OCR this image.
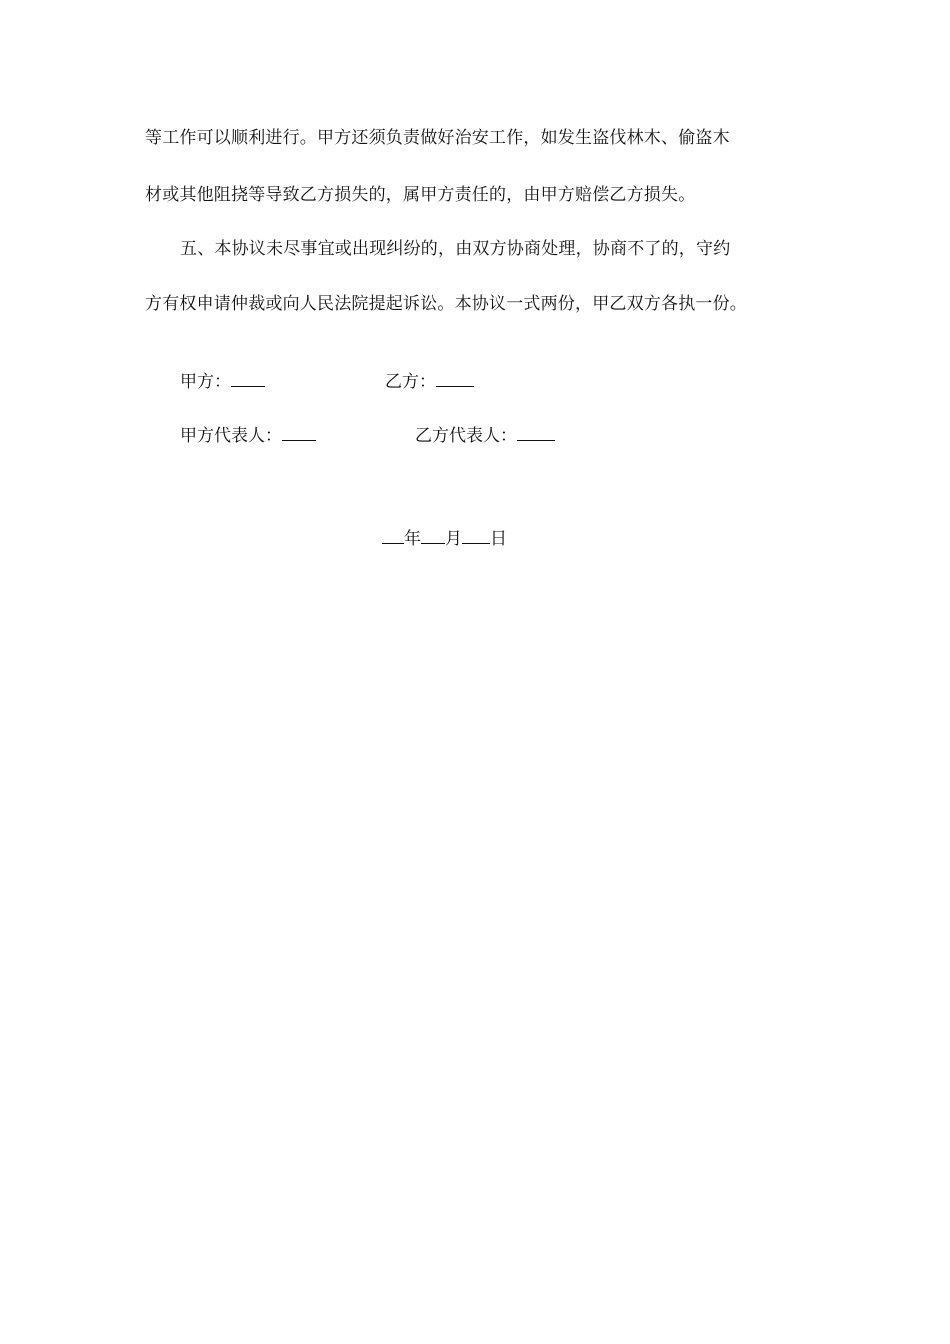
等工作可以顺利进行。甲方还须负责做好治安工作，如发生盗伐林木、偷盗木
材或其他阻挠等导致乙方损失的，属甲方责任的，由甲方赔偿乙方损失。
五、本协议未尽事宜或出现纠纷的，由双方协商处理，协商不了的，守约
方有权申请仲裁或向人民法院提起诉讼。本协议一式两份，甲乙双方各执一份。
甲方：	乙方：
甲方代表人：	乙方代表人：
年 月 日
